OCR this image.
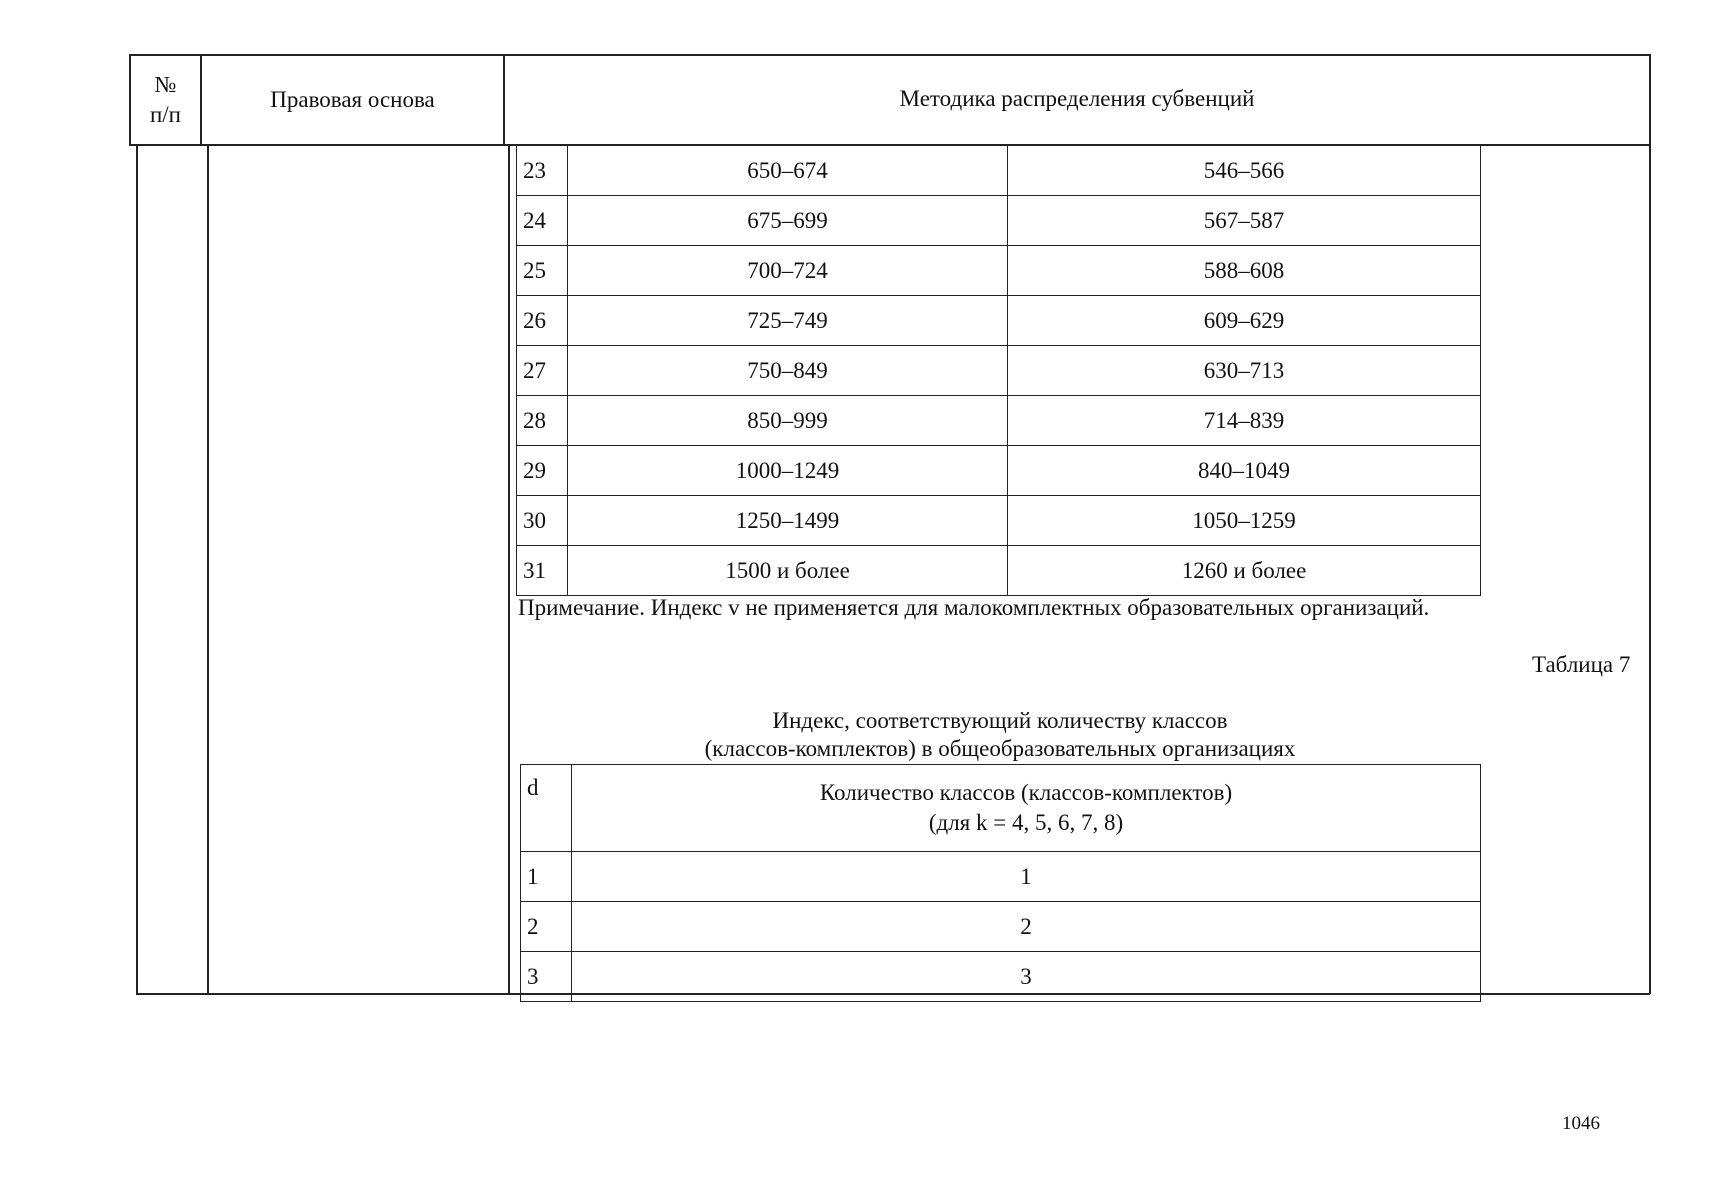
№
п/п
Правовая основа	Методика распределения субвенций
23	650–674	546–566
24	675–699	567–587
25	700–724	588–608
26	725–749	609–629
27	750–849	630–713
28	850–999	714–839
29	1000–1249	840–1049
30	1250–1499	1050–1259
31	1500 и более	1260 и более
Примечание. Индекс v не применяется для малокомплектных образовательных организаций.
Таблица 7
Индекс, соответствующий количеству классов
(классов-комплектов) в общеобразовательных организациях
d	Количество классов (классов-комплектов)
(для k = 4, 5, 6, 7, 8)

1	1
2	2
3	3
1046
